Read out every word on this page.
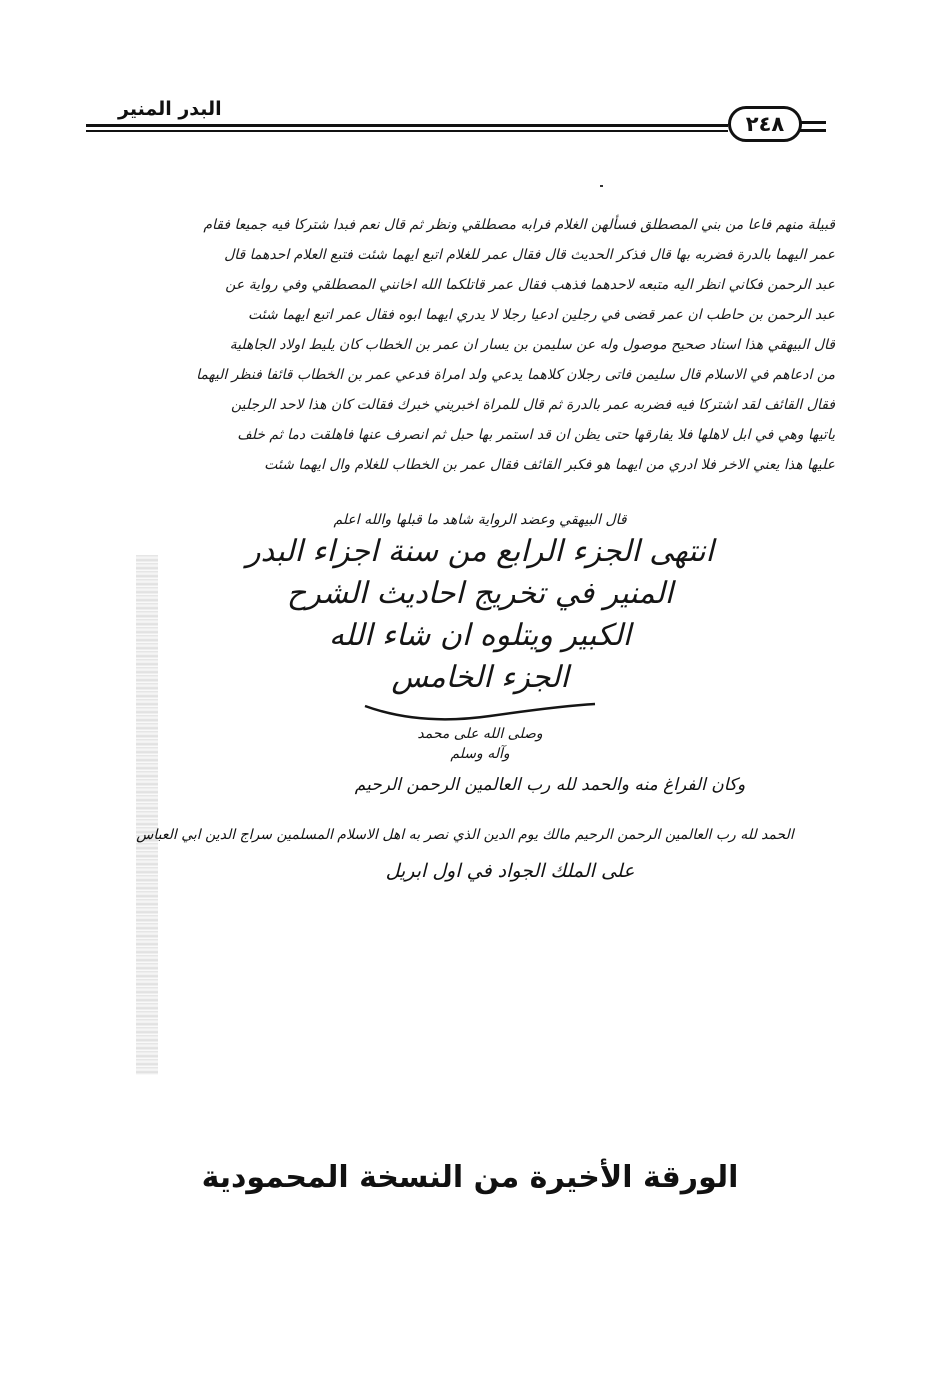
البدر المنير
٢٤٨
قبيلة منهم فاعا من بني المصطلق فسألهن الغلام فرابه مصطلقي ونظر ثم قال نعم فبدا شتركا فيه جميعا فقام
عمر اليهما بالدرة فضربه بها قال فذكر الحديث قال فقال عمر للغلام اتبع ايهما شئت فتبع العلام احدهما قال
عبد الرحمن فكاني انظر اليه متبعه لاحدهما فذهب فقال عمر قاتلكما الله اخانني المصطلقي وفي رواية عن
عبد الرحمن بن حاطب ان عمر قضى في رجلين ادعيا رجلا لا يدري ايهما ابوه فقال عمر اتبع ايهما شئت
قال البيهقي هذا اسناد صحيح موصول وله عن سليمن بن يسار ان عمر بن الخطاب كان يليط اولاد الجاهلية
من ادعاهم في الاسلام قال سليمن فاتى رجلان كلاهما يدعي ولد امراة فدعي عمر بن الخطاب قائفا فنظر اليهما
فقال القائف لقد اشتركا فيه فضربه عمر بالدرة ثم قال للمراة اخبريني خبرك فقالت كان هذا لاحد الرجلين
ياتيها وهي في ابل لاهلها فلا يفارقها حتى يظن ان قد استمر بها حبل ثم انصرف عنها فاهلقت دما ثم خلف
عليها هذا يعني الاخر فلا ادري من ايهما هو فكبر القائف فقال عمر بن الخطاب للغلام وال ايهما شئت
قال البيهقي وعضد الرواية شاهد ما قبلها والله اعلم
انتهى الجزء الرابع من سنة اجزاء البدر
المنير في تخريج احاديث الشرح
الكبير ويتلوه ان شاء الله
الجزء الخامس
وصلى الله على محمد
وآله وسلم
وكان الفراغ منه والحمد لله رب العالمين الرحمن الرحيم
الحمد لله رب العالمين الرحمن الرحيم مالك يوم الدين الذي نصر به اهل الاسلام المسلمين سراج الدين ابي العباس
على الملك الجواد في اول ابريل
الورقة الأخيرة من النسخة المحمودية
